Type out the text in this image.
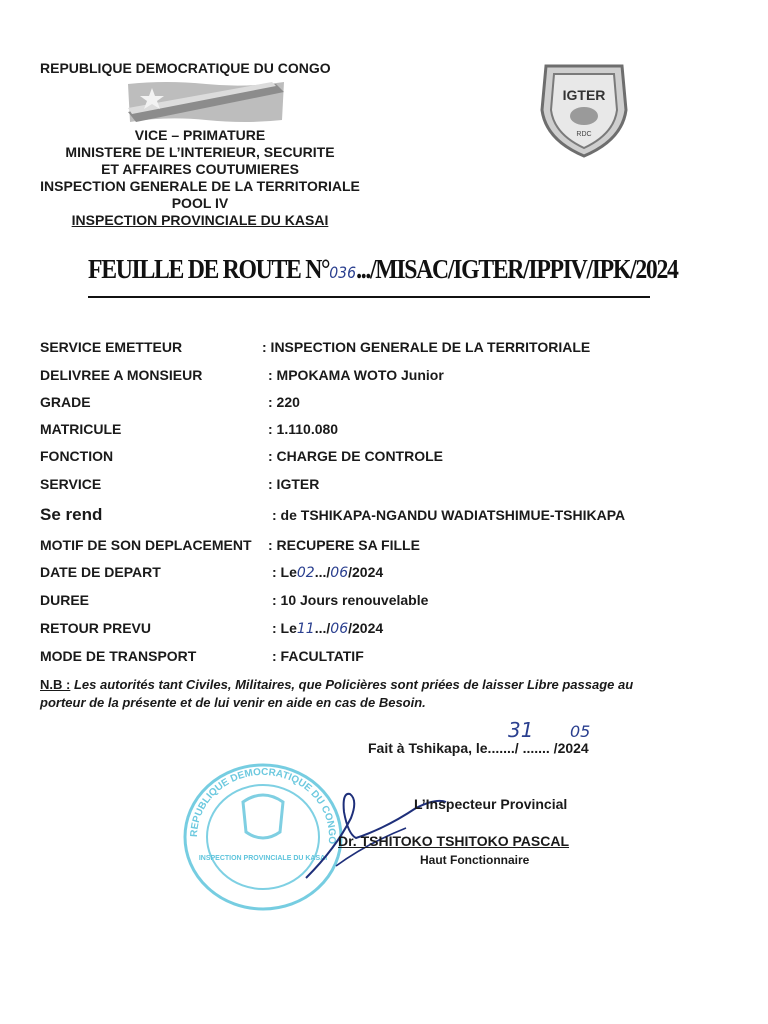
REPUBLIQUE DEMOCRATIQUE DU CONGO
VICE – PRIMATURE
MINISTERE DE L’INTERIEUR, SECURITE
ET AFFAIRES COUTUMIERES
INSPECTION GENERALE DE LA TERRITORIALE
POOL IV
INSPECTION PROVINCIALE DU KASAI
IGTER
RDC
FEUILLE DE ROUTE N°036.../MISAC/IGTER/IPPIV/IPK/2024
SERVICE EMETTEUR	: INSPECTION GENERALE DE LA TERRITORIALE
DELIVREE A MONSIEUR	: MPOKAMA WOTO Junior
GRADE	: 220
MATRICULE	: 1.110.080
FONCTION	: CHARGE DE CONTROLE
SERVICE	: IGTER
Se rend	: de TSHIKAPA-NGANDU WADIATSHIMUE-TSHIKAPA
MOTIF DE SON DEPLACEMENT : RECUPERE SA FILLE
DATE DE DEPART	: Le02.../06/2024
DUREE	: 10 Jours renouvelable
RETOUR PREVU	: Le11.../06/2024
MODE DE TRANSPORT	: FACULTATIF
N.B : Les autorités tant Civiles, Militaires, que Policières sont priées de laisser Libre passage au porteur de la présente et de lui venir en aide en cas de Besoin.
Fait à Tshikapa, le......./ ....... /2024
31 05
REPUBLIQUE DEMOCRATIQUE DU CONGO
INSPECTION PROVINCIALE DU KASAI
L’Inspecteur Provincial
Dr. TSHITOKO TSHITOKO PASCAL
Haut Fonctionnaire
